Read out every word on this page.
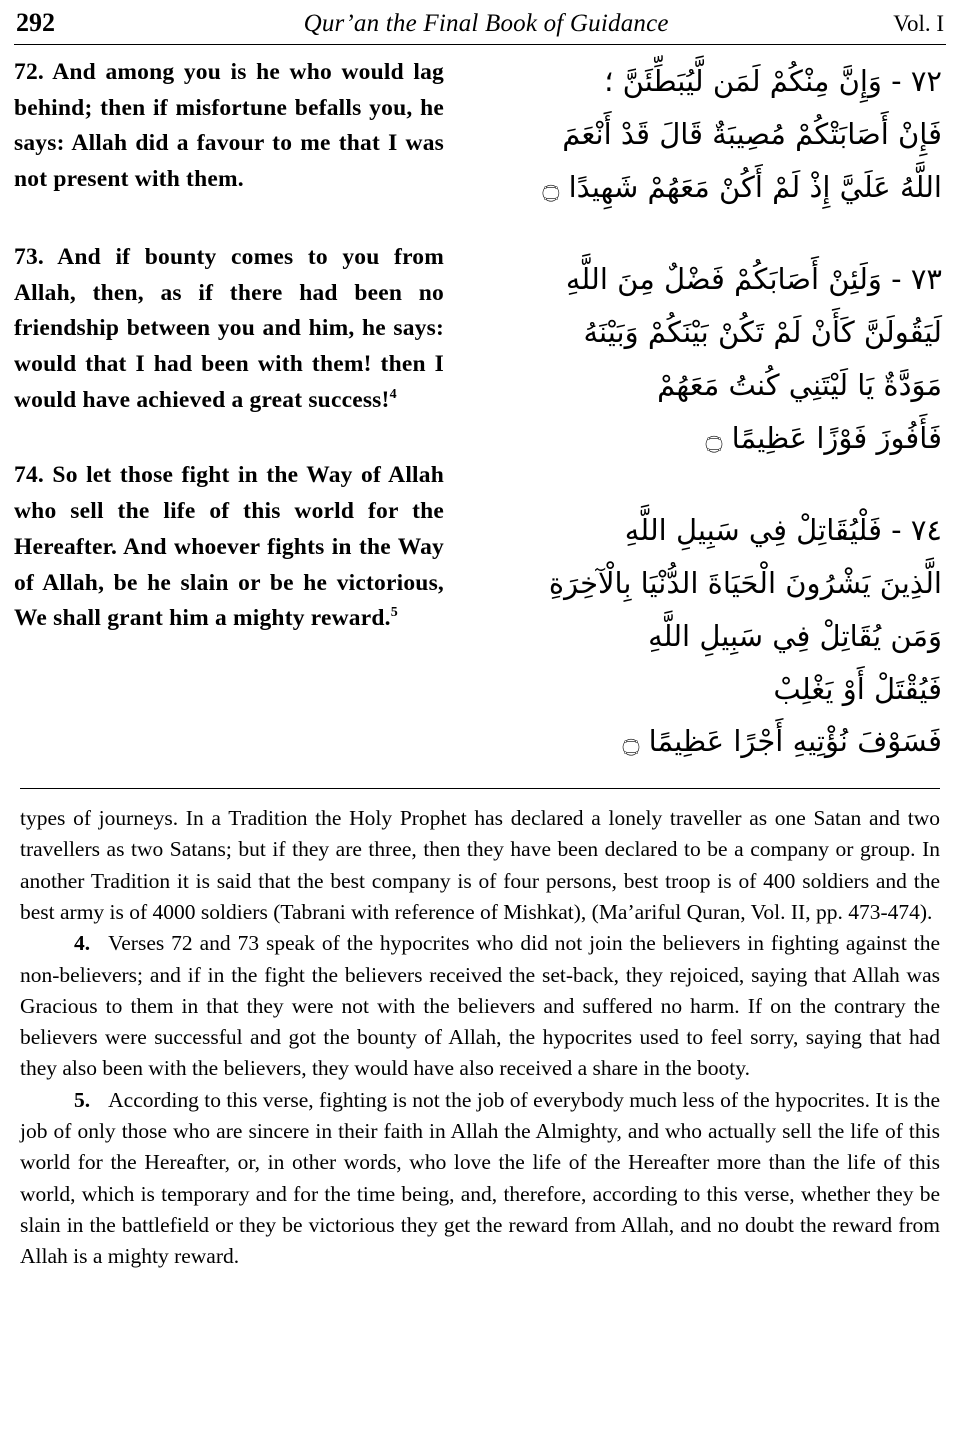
292	Qur’an the Final Book of Guidance	Vol. I

72. And among you is he who would lag behind; then if misfortune befalls you, he says: Allah did a favour to me that I was not present with them.

73. And if bounty comes to you from Allah, then, as if there had been no friendship between you and him, he says: would that I had been with them! then I would have achieved a great success!$^4$

74. So let those fight in the Way of Allah who sell the life of this world for the Hereafter. And whoever fights in the Way of Allah, be he slain or be he victorious, We shall grant him a mighty reward.$^5$

٧٢ - وَإِنَّ مِنْكُمْ لَمَن لَّيُبَطِّئَنَّ ؛
فَإِنْ أَصَابَتْكُمْ مُصِيبَةٌ قَالَ قَدْ أَنْعَمَ
اللَّهُ عَلَيَّ إِذْ لَمْ أَكُنْ مَعَهُمْ شَهِيدًا ۝
٧٣ - وَلَئِنْ أَصَابَكُمْ فَضْلٌ مِنَ اللَّهِ
لَيَقُولَنَّ كَأَنْ لَمْ تَكُنْ بَيْنَكُمْ وَبَيْنَهُ
مَوَدَّةٌ يَا لَيْتَنِي كُنتُ مَعَهُمْ
فَأَفُوزَ فَوْزًا عَظِيمًا ۝
٧٤ - فَلْيُقَاتِلْ فِي سَبِيلِ اللَّهِ
الَّذِينَ يَشْرُونَ الْحَيَاةَ الدُّنْيَا بِالْآخِرَةِ
وَمَن يُقَاتِلْ فِي سَبِيلِ اللَّهِ
فَيُقْتَلْ أَوْ يَغْلِبْ
فَسَوْفَ نُؤْتِيهِ أَجْرًا عَظِيمًا ۝

types of journeys. In a Tradition the Holy Prophet has declared a lonely traveller as one Satan and two travellers as two Satans; but if they are three, then they have been declared to be a company or group. In another Tradition it is said that the best company is of four persons, best troop is of 400 soldiers and the best army is of 4000 soldiers (Tabrani with reference of Mishkat), (Ma’ariful Quran, Vol. II, pp. 473-474).

4. Verses 72 and 73 speak of the hypocrites who did not join the believers in fighting against the non-believers; and if in the fight the believers received the set-back, they rejoiced, saying that Allah was Gracious to them in that they were not with the believers and suffered no harm. If on the contrary the believers were successful and got the bounty of Allah, the hypocrites used to feel sorry, saying that had they also been with the believers, they would have also received a share in the booty.

5. According to this verse, fighting is not the job of everybody much less of the hypocrites. It is the job of only those who are sincere in their faith in Allah the Almighty, and who actually sell the life of this world for the Hereafter, or, in other words, who love the life of the Hereafter more than the life of this world, which is temporary and for the time being, and, therefore, according to this verse, whether they be slain in the battlefield or they be victorious they get the reward from Allah, and no doubt the reward from Allah is a mighty reward.
